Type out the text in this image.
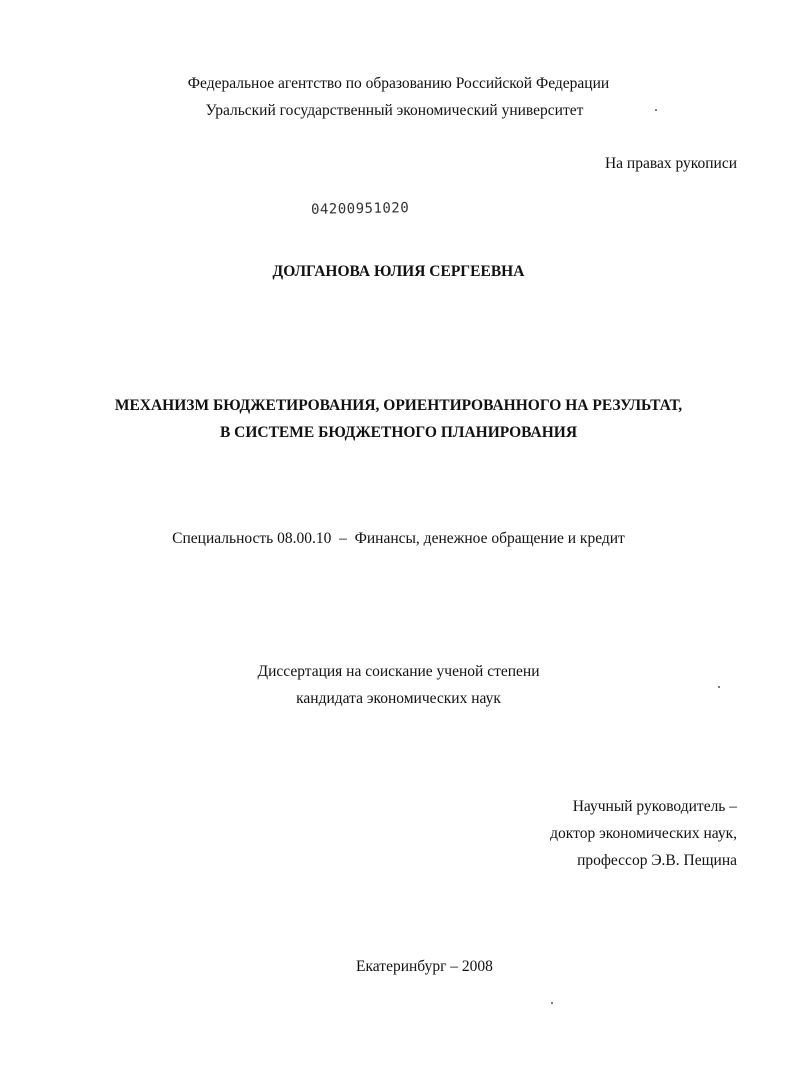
Федеральное агентство по образованию Российской Федерации
Уральский государственный экономический университет
На правах рукописи
04200951020
ДОЛГАНОВА ЮЛИЯ СЕРГЕЕВНА
МЕХАНИЗМ БЮДЖЕТИРОВАНИЯ, ОРИЕНТИРОВАННОГО НА РЕЗУЛЬТАТ,
В СИСТЕМЕ БЮДЖЕТНОГО ПЛАНИРОВАНИЯ
Специальность 08.00.10 – Финансы, денежное обращение и кредит
Диссертация на соискание ученой степени
кандидата экономических наук
Научный руководитель –
доктор экономических наук,
профессор Э.В. Пещина
Екатеринбург – 2008
